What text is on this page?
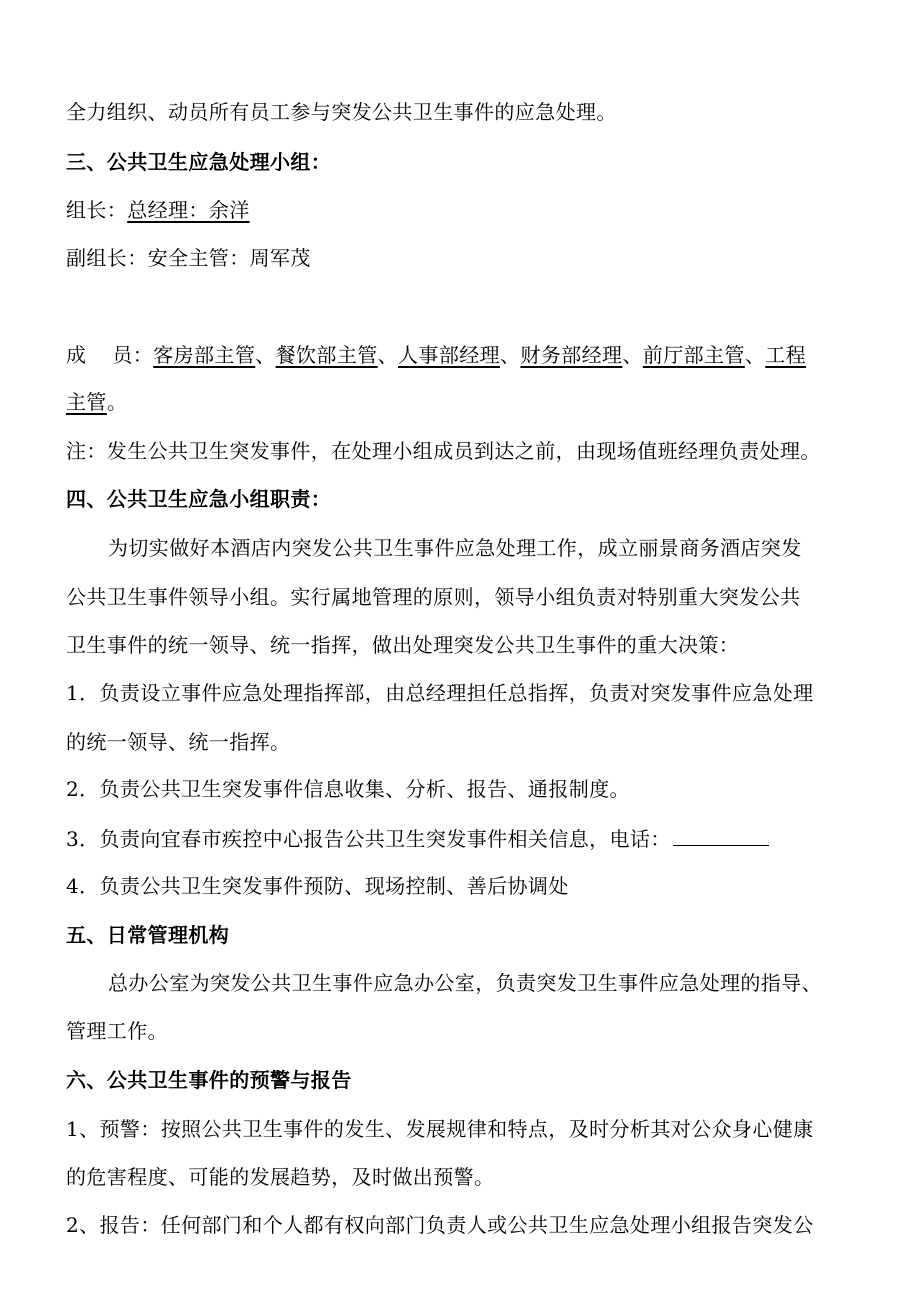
全力组织、动员所有员工参与突发公共卫生事件的应急处理。
三、公共卫生应急处理小组：
组长：总经理：余洋
副组长：安全主管：周军茂
成 员：客房部主管、餐饮部主管、人事部经理、财务部经理、前厅部主管、工程
主管。
注：发生公共卫生突发事件，在处理小组成员到达之前，由现场值班经理负责处理。
四、公共卫生应急小组职责：
为切实做好本酒店内突发公共卫生事件应急处理工作，成立丽景商务酒店突发
公共卫生事件领导小组。实行属地管理的原则，领导小组负责对特别重大突发公共
卫生事件的统一领导、统一指挥，做出处理突发公共卫生事件的重大决策：
1．负责设立事件应急处理指挥部，由总经理担任总指挥，负责对突发事件应急处理
的统一领导、统一指挥。
2．负责公共卫生突发事件信息收集、分析、报告、通报制度。
3．负责向宜春市疾控中心报告公共卫生突发事件相关信息，电话：
4．负责公共卫生突发事件预防、现场控制、善后协调处
五、日常管理机构
总办公室为突发公共卫生事件应急办公室，负责突发卫生事件应急处理的指导、
管理工作。
六、公共卫生事件的预警与报告
1、预警：按照公共卫生事件的发生、发展规律和特点，及时分析其对公众身心健康
的危害程度、可能的发展趋势，及时做出预警。
2、报告：任何部门和个人都有权向部门负责人或公共卫生应急处理小组报告突发公
